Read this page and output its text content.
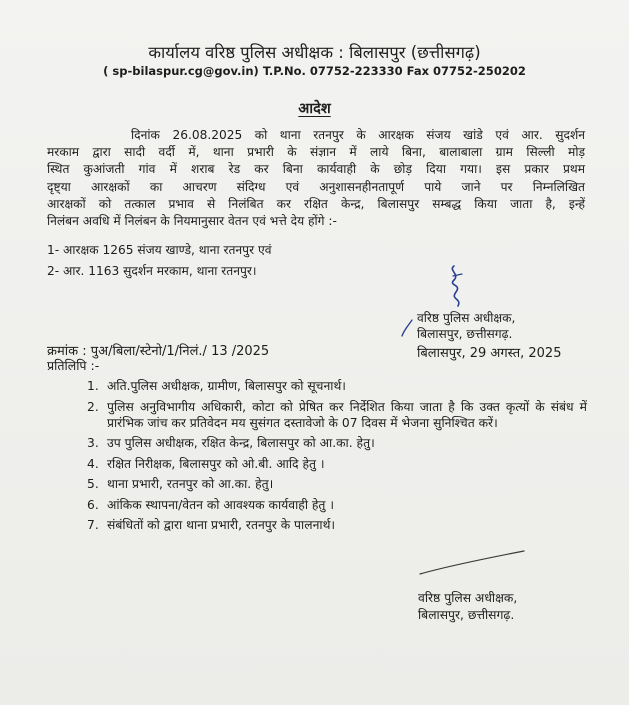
कार्यालय वरिष्ठ पुलिस अधीक्षक : बिलासपुर (छत्तीसगढ़)
( sp-bilaspur.cg@gov.in) T.P.No. 07752-223330 Fax 07752-250202
आदेश
दिनांक 26.08.2025 को थाना रतनपुर के आरक्षक संजय खांडे एवं आर. सुदर्शन
मरकाम द्वारा सादी वर्दी में, थाना प्रभारी के संज्ञान में लाये बिना, बालाबाला ग्राम सिल्ली मोड़
स्थित कुआंजती गांव में शराब रेड कर बिना कार्यवाही के छोड़ दिया गया। इस प्रकार प्रथम
दृष्ट्या आरक्षकों का आचरण संदिग्ध एवं अनुशासनहीनतापूर्ण पाये जाने पर निम्नलिखित
आरक्षकों को तत्काल प्रभाव से निलंबित कर रक्षित केन्द्र, बिलासपुर सम्बद्ध किया जाता है, इन्हें
निलंबन अवधि में निलंबन के नियमानुसार वेतन एवं भत्ते देय होंगे :-
1- आरक्षक 1265 संजय खाण्डे, थाना रतनपुर एवं
2- आर. 1163 सुदर्शन मरकाम, थाना रतनपुर।
वरिष्ठ पुलिस अधीक्षक,
बिलासपुर, छत्तीसगढ़.
बिलासपुर, 29 अगस्त, 2025
क्रमांक : पुअ/बिला/स्टेनो/1/निलं./ 13 /2025
प्रतिलिपि :-
1. अति.पुलिस अधीक्षक, ग्रामीण, बिलासपुर को सूचनार्थ।
2. पुलिस अनुविभागीय अधिकारी, कोटा को प्रेषित कर निर्देशित किया जाता है कि उक्त कृत्यों के संबंध में प्रारंभिक जांच कर प्रतिवेदन मय सुसंगत दस्तावेजो के 07 दिवस में भेजना सुनिश्चित करें।
3. उप पुलिस अधीक्षक, रक्षित केन्द्र, बिलासपुर को आ.का. हेतु।
4. रक्षित निरीक्षक, बिलासपुर को ओ.बी. आदि हेतु ।
5. थाना प्रभारी, रतनपुर को आ.का. हेतु।
6. आंकिक स्थापना/वेतन को आवश्यक कार्यवाही हेतु ।
7. संबंधितों को द्वारा थाना प्रभारी, रतनपुर के पालनार्थ।
वरिष्ठ पुलिस अधीक्षक,
बिलासपुर, छत्तीसगढ़.
